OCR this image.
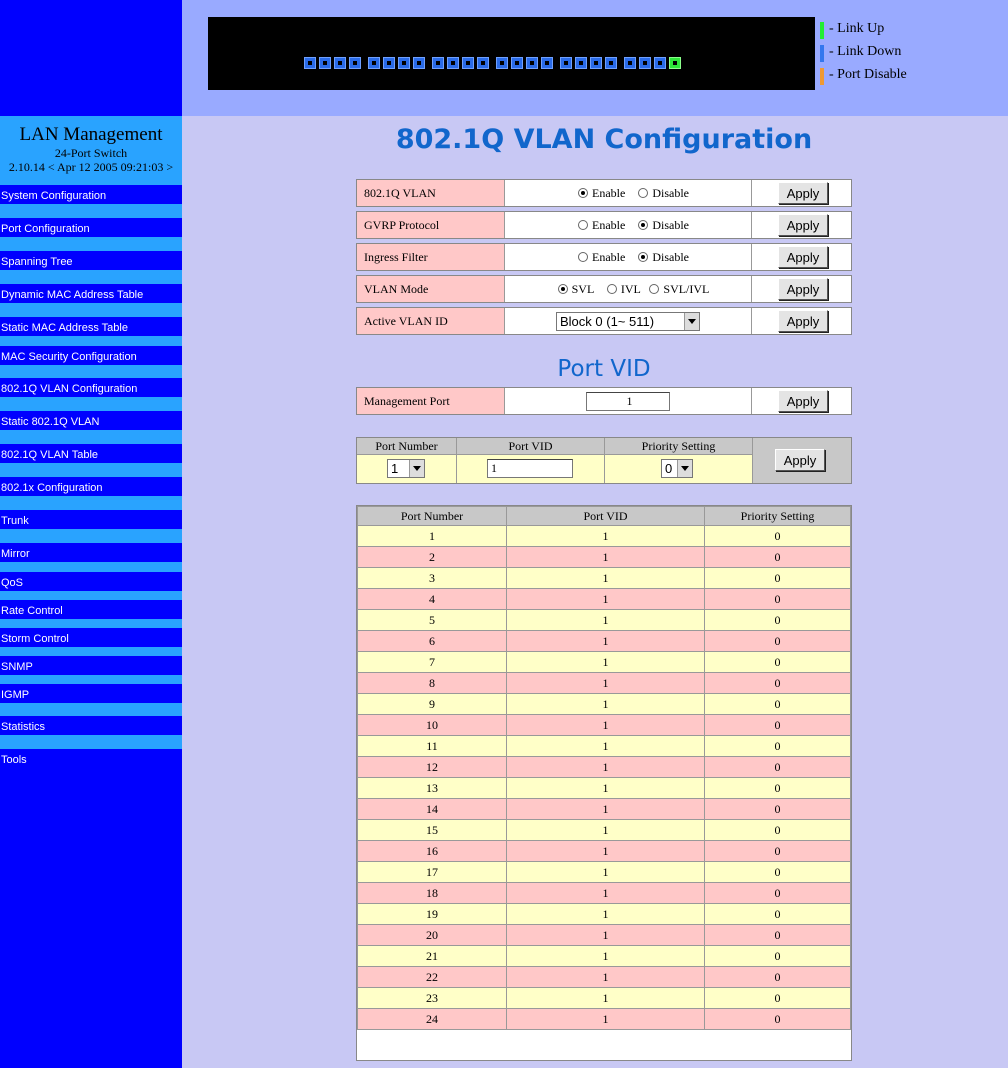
LAN Management
24-Port Switch
2.10.14 < Apr 12 2005 09:21:03 >
System Configuration
Port Configuration
Spanning Tree
Dynamic MAC Address Table
Static MAC Address Table
MAC Security Configuration
802.1Q VLAN Configuration
Static 802.1Q VLAN
802.1Q VLAN Table
802.1x Configuration
Trunk
Mirror
QoS
Rate Control
Storm Control
SNMP
IGMP
Statistics
Tools
- Link Up
- Link Down
- Port Disable
802.1Q VLAN Configuration
802.1Q VLAN	Enable Disable	Apply
GVRP Protocol	Enable Disable	Apply
Ingress Filter	Enable Disable	Apply
VLAN Mode	SVL IVL SVL/IVL	Apply
Active VLAN ID	Block 0 (1~ 511)	Apply
Port VID
Management Port	1	Apply
Port Number	Port VID	Priority Setting
1	1	0
Apply
Port Number	Port VID	Priority Setting
1	1	0
2	1	0
3	1	0
4	1	0
5	1	0
6	1	0
7	1	0
8	1	0
9	1	0
10	1	0
11	1	0
12	1	0
13	1	0
14	1	0
15	1	0
16	1	0
17	1	0
18	1	0
19	1	0
20	1	0
21	1	0
22	1	0
23	1	0
24	1	0
